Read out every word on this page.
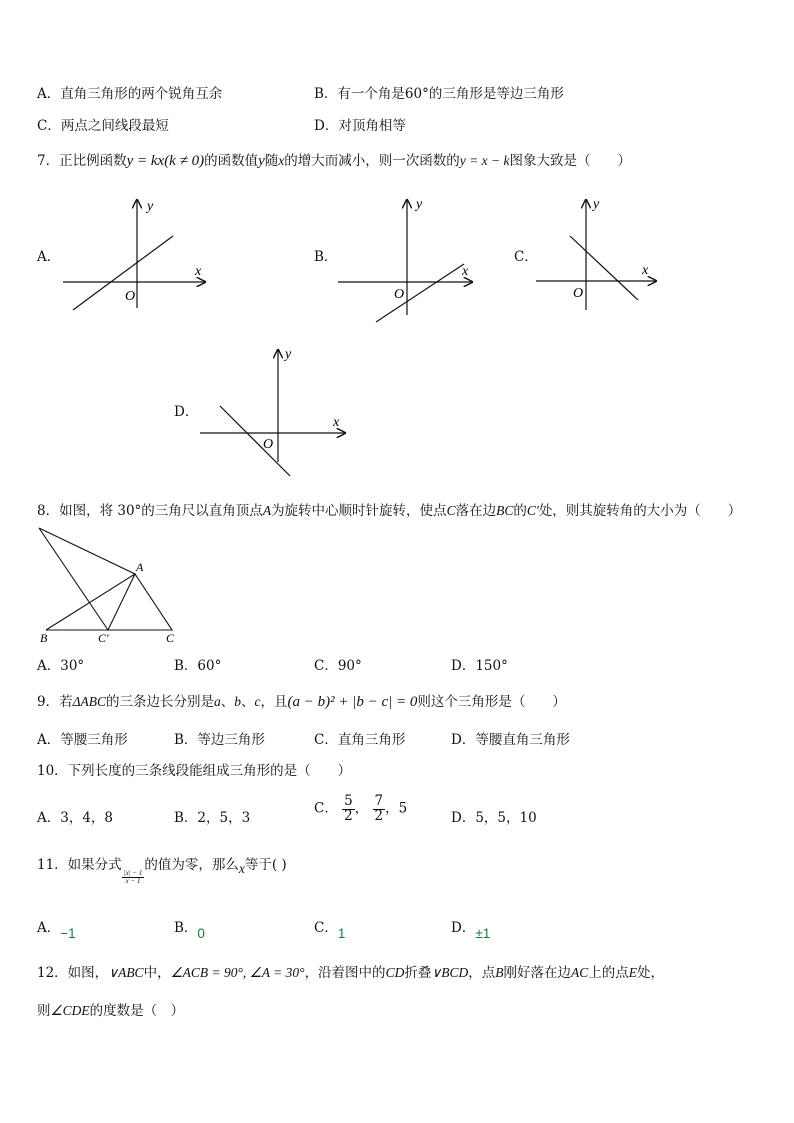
A．直角三角形的两个锐角互余	B．有一个角是60°的三角形是等边三角形
C．两点之间线段最短	D．对顶角相等
7．正比例函数y = kx(k ≠ 0)的函数值y随x的增大而减小，则一次函数的y = x − k图象大致是（　　）
A．	B．	C．
D．
x
y
O
x
y
O
x
y
O
x
y
O
8．如图，将 30°的三角尺以直角顶点A为旋转中心顺时针旋转，使点C落在边BC的C′处，则其旋转角的大小为（　　）
A
B	C′	C
A．30°	B．60°	C．90°	D．150°
9．若ΔABC的三条边长分别是a、b、c，且(a − b)² + |b − c| = 0则这个三角形是（　　）
A．等腰三角形	B．等边三角形	C．直角三角形	D．等腰直角三角形
10．下列长度的三条线段能组成三角形的是（　　）
A．3，4，8	B．2，5，3
C． $\frac{5}{2}$ ， $\frac{7}{2}$ ，5
D．5，5，10
11．如果分式
$\frac{|x| - 1}{x - 1}$
的值为零，那么x等于( )
A．−1	B．0	C．1	D．±1
12．如图，∨ABC中，∠ACB = 90°, ∠A = 30°，沿着图中的CD折叠∨BCD，点B刚好落在边AC上的点E处，
则∠CDE的度数是（　）
